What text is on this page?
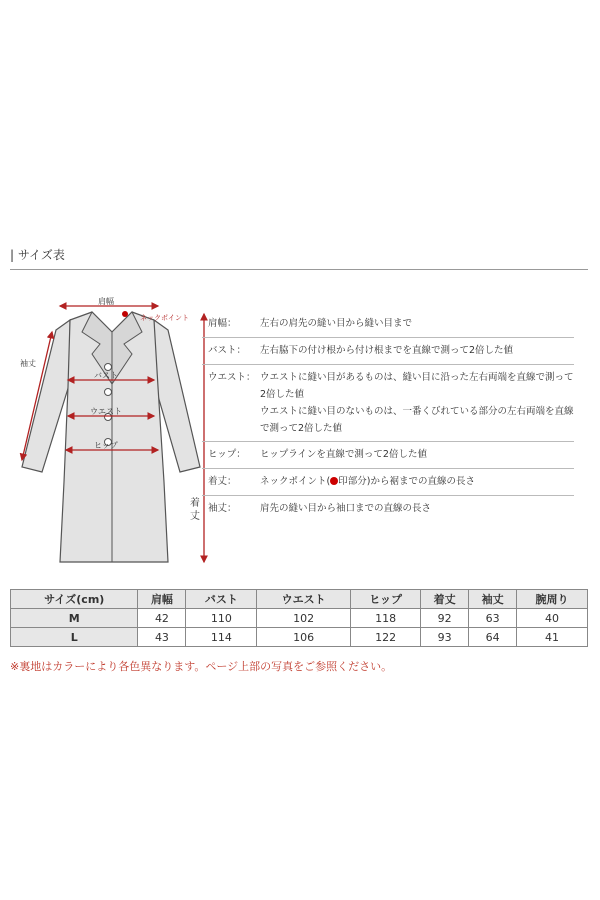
| サイズ表
ネックポイント
肩幅
袖丈
バスト
ウエスト
ヒップ
着
丈
肩幅： 左右の肩先の縫い目から縫い目まで
バスト： 左右脇下の付け根から付け根までを直線で測って2倍した値
ウエスト： ウエストに縫い目があるものは、縫い目に沿った左右両端を直線で測って2倍した値
ウエストに縫い目のないものは、一番くびれている部分の左右両端を直線で測って2倍した値
ヒップ： ヒップラインを直線で測って2倍した値
着丈： ネックポイント( 印部分)から裾までの直線の長さ
袖丈： 肩先の縫い目から袖口までの直線の長さ
サイズ(cm)	肩幅	バスト	ウエスト	ヒップ	着丈	袖丈	腕周り
M	42	110	102	118	92	63	40
L	43	114	106	122	93	64	41
※裏地はカラーにより各色異なります。ページ上部の写真をご参照ください。
